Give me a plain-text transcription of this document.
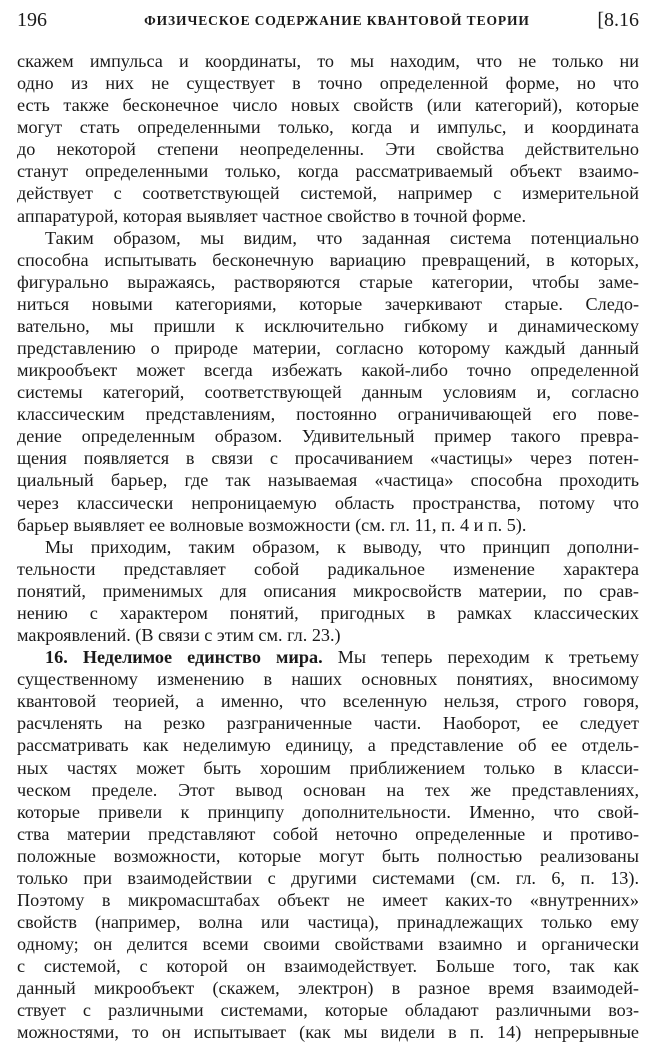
196	ФИЗИЧЕСКОЕ СОДЕРЖАНИЕ КВАНТОВОЙ ТЕОРИИ	[8.16
скажем импульса и координаты, то мы находим, что не только ни
одно из них не существует в точно определенной форме, но что
есть также бесконечное число новых свойств (или категорий), которые
могут стать определенными только, когда и импульс, и координата
до некоторой степени неопределенны. Эти свойства действительно
станут определенными только, когда рассматриваемый объект взаимо-
действует с соответствующей системой, например с измерительной
аппаратурой, которая выявляет частное свойство в точной форме.
Таким образом, мы видим, что заданная система потенциально
способна испытывать бесконечную вариацию превращений, в которых,
фигурально выражаясь, растворяются старые категории, чтобы заме-
ниться новыми категориями, которые зачеркивают старые. Следо-
вательно, мы пришли к исключительно гибкому и динамическому
представлению о природе материи, согласно которому каждый данный
микрообъект может всегда избежать какой-либо точно определенной
системы категорий, соответствующей данным условиям и, согласно
классическим представлениям, постоянно ограничивающей его пове-
дение определенным образом. Удивительный пример такого превра-
щения появляется в связи с просачиванием «частицы» через потен-
циальный барьер, где так называемая «частица» способна проходить
через классически непроницаемую область пространства, потому что
барьер выявляет ее волновые возможности (см. гл. 11, п. 4 и п. 5).
Мы приходим, таким образом, к выводу, что принцип дополни-
тельности представляет собой радикальное изменение характера
понятий, применимых для описания микросвойств материи, по срав-
нению с характером понятий, пригодных в рамках классических
макроявлений. (В связи с этим см. гл. 23.)
16. Неделимое единство мира. Мы теперь переходим к третьему
существенному изменению в наших основных понятиях, вносимому
квантовой теорией, а именно, что вселенную нельзя, строго говоря,
расчленять на резко разграниченные части. Наоборот, ее следует
рассматривать как неделимую единицу, а представление об ее отдель-
ных частях может быть хорошим приближением только в класси-
ческом пределе. Этот вывод основан на тех же представлениях,
которые привели к принципу дополнительности. Именно, что свой-
ства материи представляют собой неточно определенные и противо-
положные возможности, которые могут быть полностью реализованы
только при взаимодействии с другими системами (см. гл. 6, п. 13).
Поэтому в микромасштабах объект не имеет каких-то «внутренних»
свойств (например, волна или частица), принадлежащих только ему
одному; он делится всеми своими свойствами взаимно и органически
с системой, с которой он взаимодействует. Больше того, так как
данный микрообъект (скажем, электрон) в разное время взаимодей-
ствует с различными системами, которые обладают различными воз-
можностями, то он испытывает (как мы видели в п. 14) непрерывные
